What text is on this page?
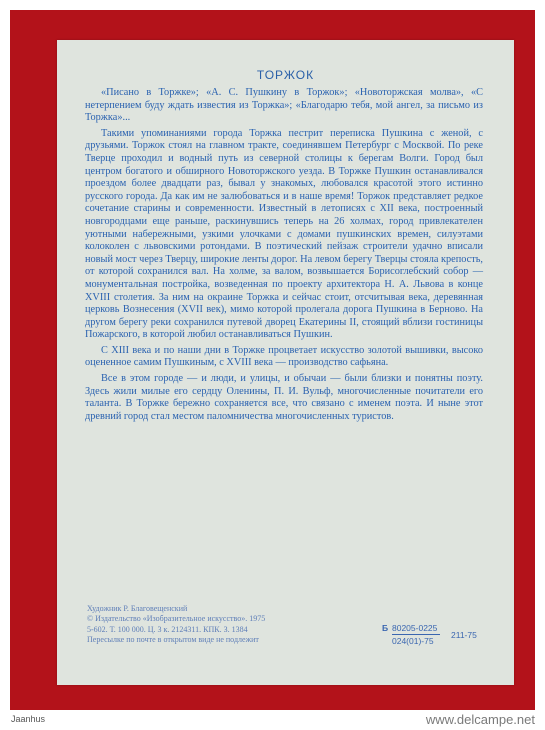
ТОРЖОК

«Писано в Торжке»; «А. С. Пушкину в Торжок»; «Новоторжская молва», «С нетерпением буду ждать известия из Торжка»; «Благодарю тебя, мой ангел, за письмо из Торжка»...

Такими упоминаниями города Торжка пестрит переписка Пушкина с женой, с друзьями. Торжок стоял на главном тракте, соединявшем Петербург с Москвой. По реке Тверце проходил и водный путь из северной столицы к берегам Волги. Город был центром богатого и обширного Новоторжского уезда. В Торжке Пушкин останавливался проездом более двадцати раз, бывал у знакомых, любовался красотой этого истинно русского города. Да как им не залюбоваться и в наше время! Торжок представляет редкое сочетание старины и современности. Известный в летописях с XII века, построенный новгородцами еще раньше, раскинувшись теперь на 26 холмах, город привлекателен уютными набережными, узкими улочками с домами пушкинских времен, силуэтами колоколен с львовскими ротондами. В поэтический пейзаж строители удачно вписали новый мост через Тверцу, широкие ленты дорог. На левом берегу Тверцы стояла крепость, от которой сохранился вал. На холме, за валом, возвышается Борисоглебский собор — монументальная постройка, возведенная по проекту архитектора Н. А. Львова в конце XVIII столетия. За ним на окраине Торжка и сейчас стоит, отсчитывая века, деревянная церковь Вознесения (XVII век), мимо которой пролегала дорога Пушкина в Берново. На другом берегу реки сохранился путевой дворец Екатерины II, стоящий вблизи гостиницы Пожарского, в которой любил останавливаться Пушкин.

С XIII века и по наши дни в Торжке процветает искусство золотой вышивки, высоко оцененное самим Пушкиным, с XVIII века — производство сафьяна.

Все в этом городе — и люди, и улицы, и обычаи — были близки и понятны поэту. Здесь жили милые его сердцу Оленины, П. И. Вульф, многочисленные почитатели его таланта. В Торжке бережно сохраняется все, что связано с именем поэта. И ныне этот древний город стал местом паломничества многочисленных туристов.

Художник Р. Благовещенский
© Издательство «Изобразительное искусство». 1975
5-602. Т. 100 000. Ц. 3 к. 2124311. КПК. З. 1384
Пересылке по почте в открытом виде не подлежит
Б 80205-0225
024(01)-75
211-75
Jaanhus	www.delcampe.net
